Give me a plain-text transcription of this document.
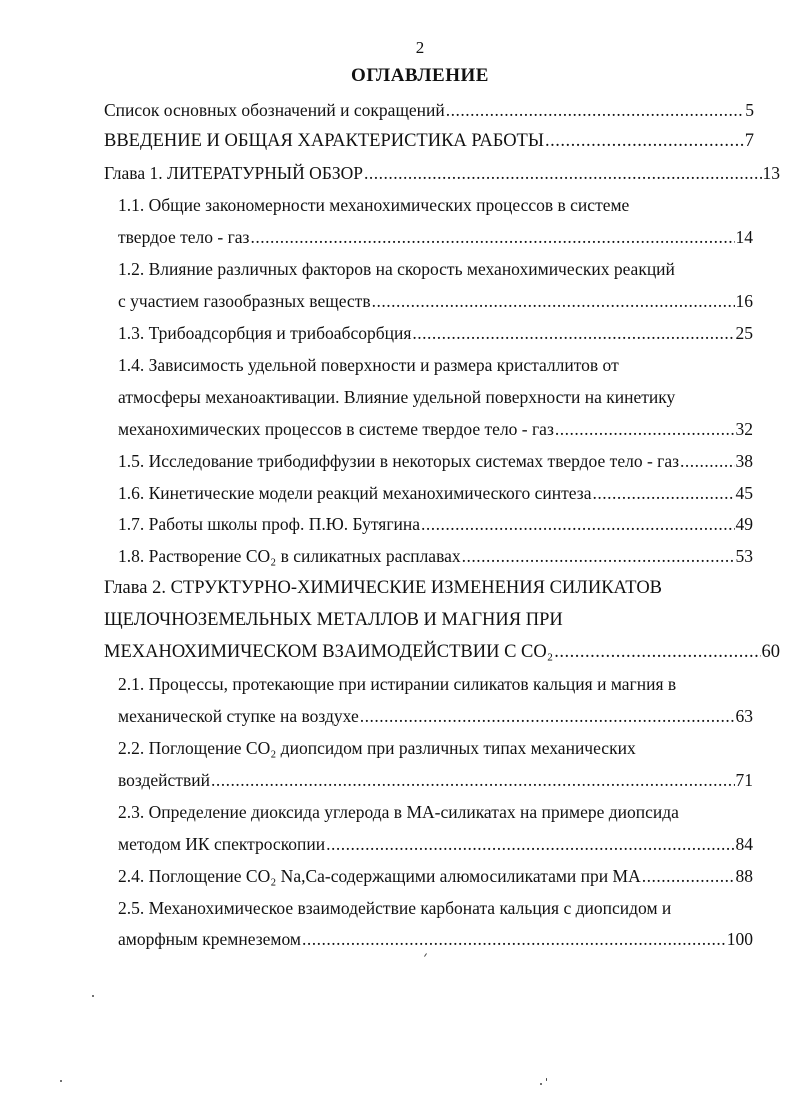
2
ОГЛАВЛЕНИЕ
Список основных обозначений и сокращений .....	5
ВВЕДЕНИЕ И ОБЩАЯ ХАРАКТЕРИСТИКА РАБОТЫ .....	7
Глава 1. ЛИТЕРАТУРНЫЙ ОБЗОР .....	13
1.1. Общие закономерности механохимических процессов в системе
твердое тело - газ .....	14
1.2. Влияние различных факторов на скорость механохимических реакций
с участием газообразных веществ .....	16
1.3. Трибоадсорбция и трибоабсорбция .....	25
1.4. Зависимость удельной поверхности и размера кристаллитов от
атмосферы механоактивации. Влияние удельной поверхности на кинетику
механохимических процессов в системе твердое тело - газ .....	32
1.5. Исследование трибодиффузии в некоторых системах твердое тело - газ .....	38
1.6. Кинетические модели реакций механохимического синтеза .....	45
1.7. Работы школы проф. П.Ю. Бутягина .....	49
1.8. Растворение CO₂ в силикатных расплавах .....	53
Глава 2. СТРУКТУРНО-ХИМИЧЕСКИЕ ИЗМЕНЕНИЯ СИЛИКАТОВ
ЩЕЛОЧНОЗЕМЕЛЬНЫХ МЕТАЛЛОВ И МАГНИЯ ПРИ
МЕХАНОХИМИЧЕСКОМ ВЗАИМОДЕЙСТВИИ С CO₂ .....	60
2.1. Процессы, протекающие при истирании силикатов кальция и магния в
механической ступке на воздухе .....	63
2.2. Поглощение CO₂ диопсидом при различных типах механических
воздействий .....	71
2.3. Определение диоксида углерода в МА-силикатах на примере диопсида
методом ИК спектроскопии .....	84
2.4. Поглощение CO₂ Na,Ca-содержащими алюмосиликатами при МА .....	88
2.5. Механохимическое взаимодействие карбоната кальция с диопсидом и
аморфным кремнеземом .....	100
